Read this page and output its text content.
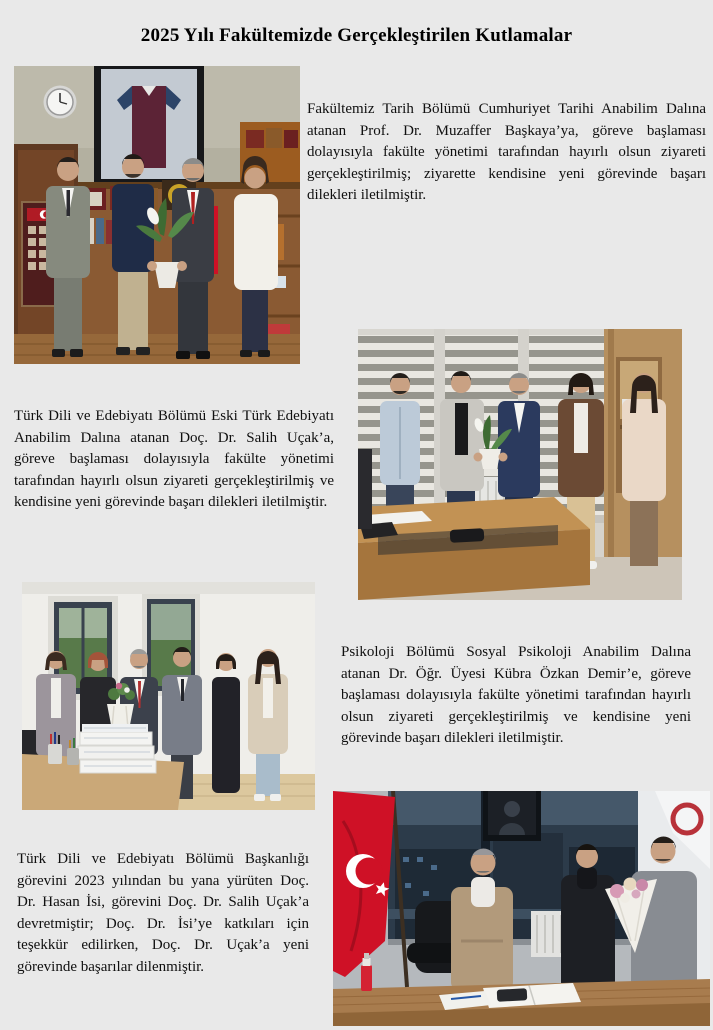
2025 Yılı Fakültemizde Gerçekleştirilen Kutlamalar

Fakültemiz Tarih Bölümü Cumhuriyet Tarihi Anabilim Dalına atanan Prof. Dr. Muzaffer Başkaya’ya, göreve başlaması dolayısıyla fakülte yönetimi tarafından hayırlı olsun ziyareti gerçekleştirilmiş; ziyarette kendisine yeni görevinde başarı dilekleri iletilmiştir.

Türk Dili ve Edebiyatı Bölümü Eski Türk Edebiyatı Anabilim Dalına atanan Doç. Dr. Salih Uçak’a, göreve başlaması dolayısıyla fakülte yönetimi tarafından hayırlı olsun ziyareti gerçekleştirilmiş ve kendisine yeni görevinde başarı dilekleri iletilmiştir.

Psikoloji Bölümü Sosyal Psikoloji Anabilim Dalına atanan Dr. Öğr. Üyesi Kübra Özkan Demir’e, göreve başlaması dolayısıyla fakülte yönetimi tarafından hayırlı olsun ziyareti gerçekleştirilmiş ve kendisine yeni görevinde başarı dilekleri iletilmiştir.

Türk Dili ve Edebiyatı Bölümü Başkanlığı görevini 2023 yılından bu yana yürüten Doç. Dr. Hasan İsi, görevini Doç. Dr. Salih Uçak’a devretmiştir; Doç. Dr. İsi’ye katkıları için teşekkür edilirken, Doç. Dr. Uçak’a yeni görevinde başarılar dilenmiştir.
